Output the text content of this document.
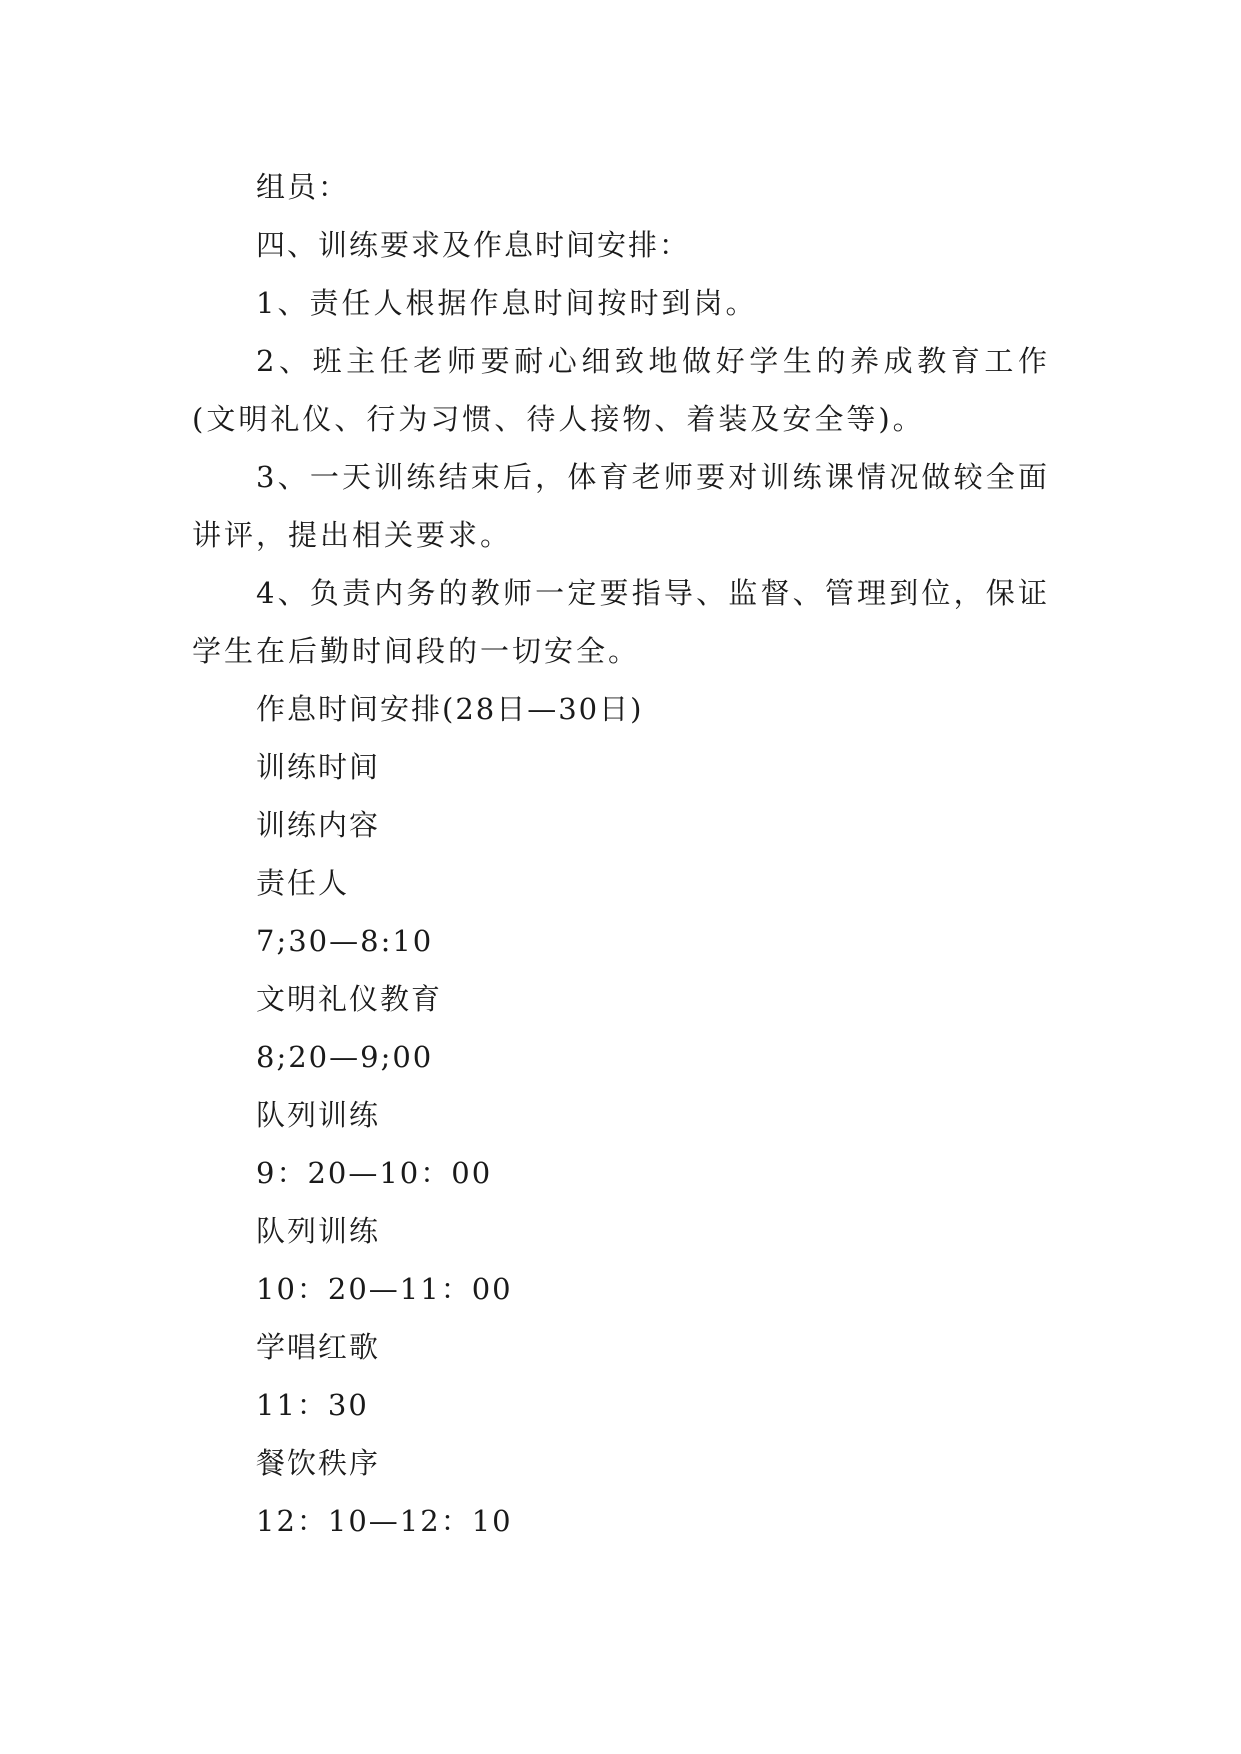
组员：
四、训练要求及作息时间安排：
1、责任人根据作息时间按时到岗。
2、班主任老师要耐心细致地做好学生的养成教育工作(文明礼仪、行为习惯、待人接物、着装及安全等)。
3、一天训练结束后，体育老师要对训练课情况做较全面讲评，提出相关要求。
4、负责内务的教师一定要指导、监督、管理到位，保证学生在后勤时间段的一切安全。
作息时间安排(28日—30日)
训练时间
训练内容
责任人
7;30—8:10
文明礼仪教育
8;20—9;00
队列训练
9：20—10：00
队列训练
10：20—11：00
学唱红歌
11：30
餐饮秩序
12：10—12：10
